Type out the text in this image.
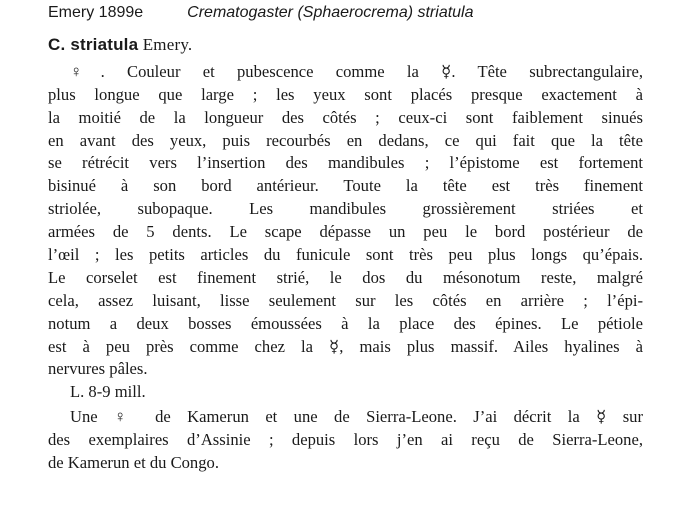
Emery 1899e	Crematogaster (Sphaerocrema) striatula
C. striatula Emery.
♀. Couleur et pubescence comme la ☿. Tête subrectangulaire,
plus longue que large ; les yeux sont placés presque exactement à
la moitié de la longueur des côtés ; ceux-ci sont faiblement sinués
en avant des yeux, puis recourbés en dedans, ce qui fait que la tête
se rétrécit vers l’insertion des mandibules ; l’épistome est fortement
bisinué à son bord antérieur. Toute la tête est très finement
striolée, subopaque. Les mandibules grossièrement striées et
armées de 5 dents. Le scape dépasse un peu le bord postérieur de
l’œil ; les petits articles du funicule sont très peu plus longs qu’épais.
Le corselet est finement strié, le dos du mésonotum reste, malgré
cela, assez luisant, lisse seulement sur les côtés en arrière ; l’épi-
notum a deux bosses émoussées à la place des épines. Le pétiole
est à peu près comme chez la ☿, mais plus massif. Ailes hyalines à
nervures pâles.
L. 8-9 mill.
Une ♀ de Kamerun et une de Sierra-Leone. J’ai décrit la ☿ sur
des exemplaires d’Assinie ; depuis lors j’en ai reçu de Sierra-Leone,
de Kamerun et du Congo.
